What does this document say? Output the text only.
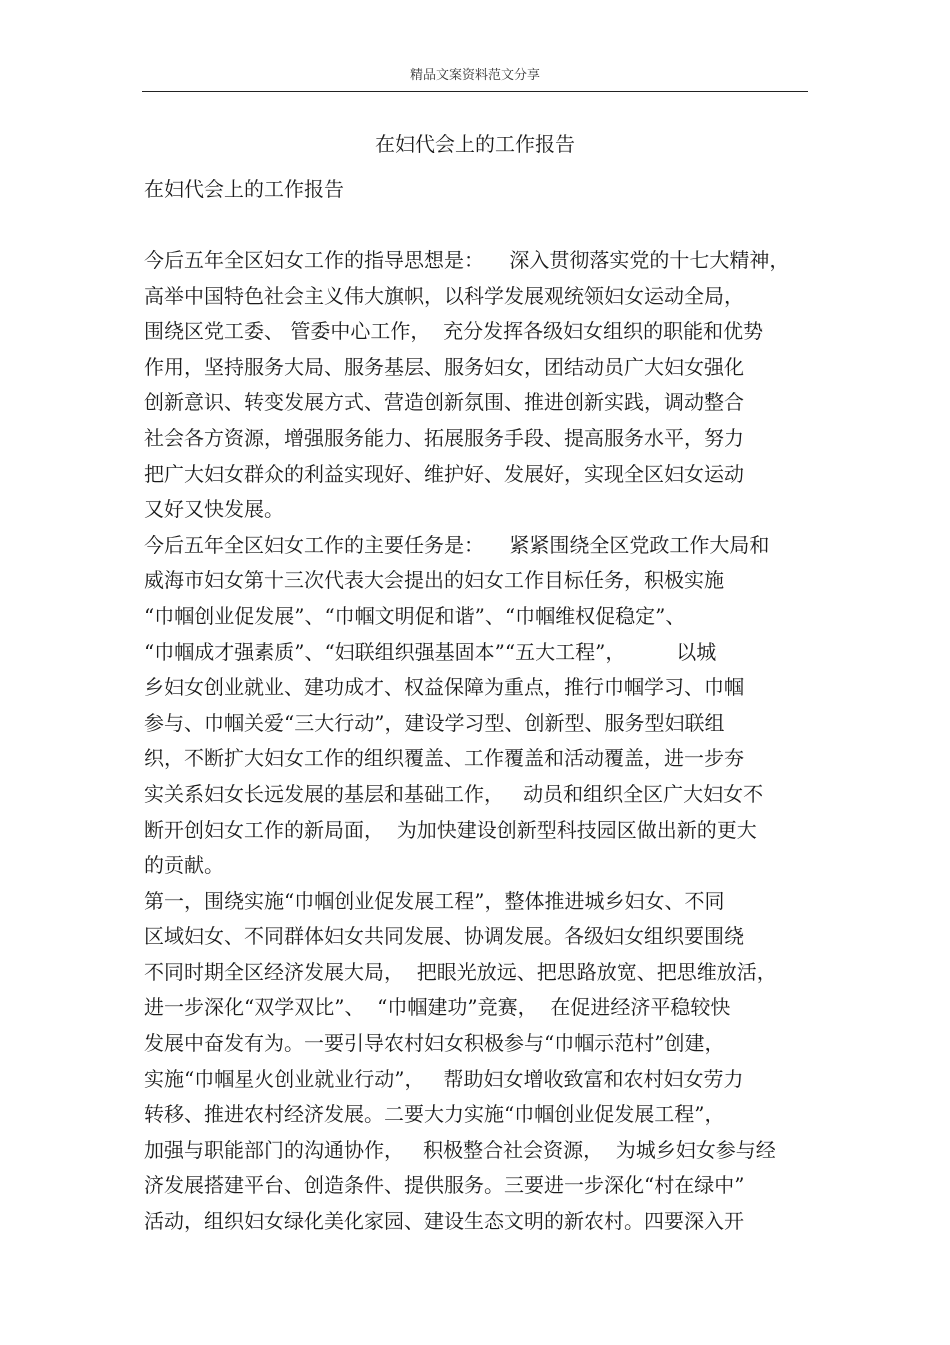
精品文案资料范文分享
在妇代会上的工作报告
在妇代会上的工作报告
今后五年全区妇女工作的指导思想是：    深入贯彻落实党的十七大精神，
高举中国特色社会主义伟大旗帜，以科学发展观统领妇女运动全局，
围绕区党工委、 管委中心工作，  充分发挥各级妇女组织的职能和优势
作用，坚持服务大局、服务基层、服务妇女，团结动员广大妇女强化
创新意识、转变发展方式、营造创新氛围、推进创新实践，调动整合
社会各方资源，增强服务能力、拓展服务手段、提高服务水平，努力
把广大妇女群众的利益实现好、维护好、发展好，实现全区妇女运动
又好又快发展。
今后五年全区妇女工作的主要任务是：    紧紧围绕全区党政工作大局和
威海市妇女第十三次代表大会提出的妇女工作目标任务，积极实施
“巾帼创业促发展”、“巾帼文明促和谐”、“巾帼维权促稳定”、
“巾帼成才强素质”、“妇联组织强基固本”“五大工程”，        以城
乡妇女创业就业、建功成才、权益保障为重点，推行巾帼学习、巾帼
参与、巾帼关爱“三大行动”，建设学习型、创新型、服务型妇联组
织，不断扩大妇女工作的组织覆盖、工作覆盖和活动覆盖，进一步夯
实关系妇女长远发展的基层和基础工作，   动员和组织全区广大妇女不
断开创妇女工作的新局面，  为加快建设创新型科技园区做出新的更大
的贡献。
第一，围绕实施“巾帼创业促发展工程”，整体推进城乡妇女、不同
区域妇女、不同群体妇女共同发展、协调发展。各级妇女组织要围绕
不同时期全区经济发展大局，  把眼光放远、把思路放宽、把思维放活，
进一步深化“双学双比”、  “巾帼建功”竞赛，  在促进经济平稳较快
发展中奋发有为。一要引导农村妇女积极参与“巾帼示范村”创建，
实施“巾帼星火创业就业行动”，   帮助妇女增收致富和农村妇女劳力
转移、推进农村经济发展。二要大力实施“巾帼创业促发展工程”，
加强与职能部门的沟通协作，   积极整合社会资源，  为城乡妇女参与经
济发展搭建平台、创造条件、提供服务。三要进一步深化“村在绿中”
活动，组织妇女绿化美化家园、建设生态文明的新农村。四要深入开
